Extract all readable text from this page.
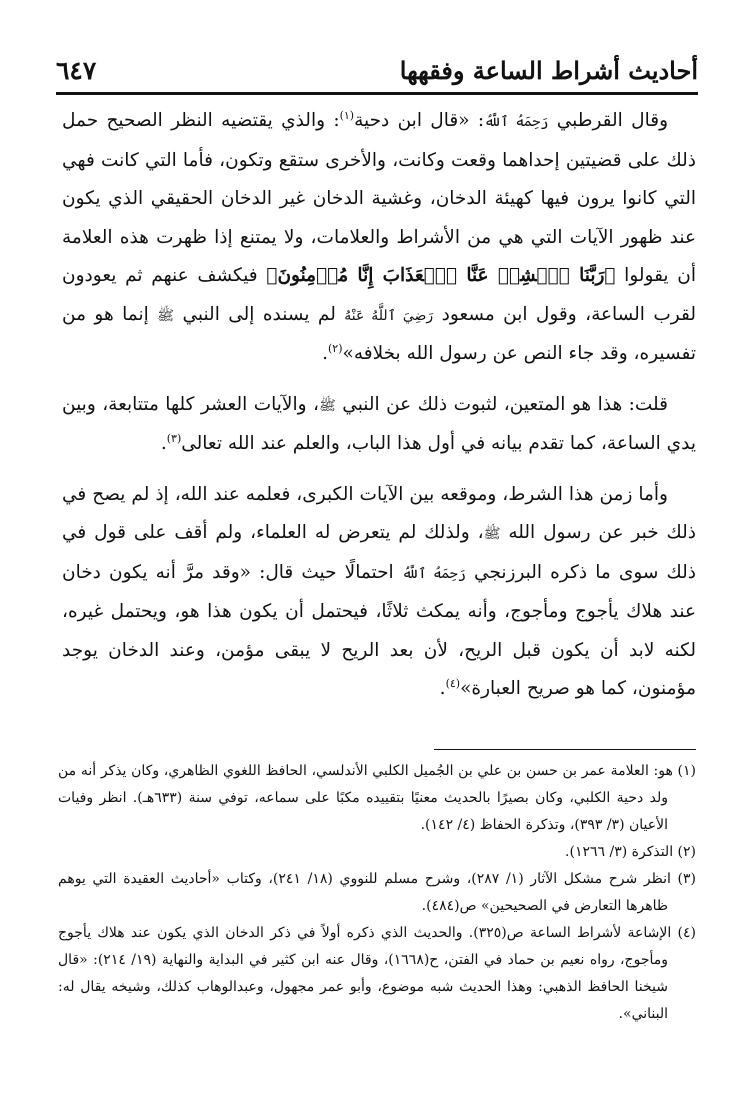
٦٤٧	أحاديث أشراط الساعة وفقهها

وقال القرطبي رَحِمَهُ ٱللَّهُ: «قال ابن دحية$^{(١)}$: والذي يقتضيه النظر الصحيح حمل ذلك على قضيتين إحداهما وقعت وكانت، والأخرى ستقع وتكون، فأما التي كانت فهي التي كانوا يرون فيها كهيئة الدخان، وغشية الدخان غير الدخان الحقيقي الذي يكون عند ظهور الآيات التي هي من الأشراط والعلامات، ولا يمتنع إذا ظهرت هذه العلامة أن يقولوا ﴿رَبَّنَا ٱكۡشِفۡ عَنَّا ٱلۡعَذَابَ إِنَّا مُؤۡمِنُونَ﴾ فيكشف عنهم ثم يعودون لقرب الساعة، وقول ابن مسعود رَضِيَ ٱللَّهُ عَنْهُ لم يسنده إلى النبي ﷺ إنما هو من تفسيره، وقد جاء النص عن رسول الله بخلافه»$^{(٢)}$.

قلت: هذا هو المتعين، لثبوت ذلك عن النبي ﷺ، والآيات العشر كلها متتابعة، وبين يدي الساعة، كما تقدم بيانه في أول هذا الباب، والعلم عند الله تعالى$^{(٣)}$.

وأما زمن هذا الشرط، وموقعه بين الآيات الكبرى، فعلمه عند الله، إذ لم يصح في ذلك خبر عن رسول الله ﷺ، ولذلك لم يتعرض له العلماء، ولم أقف على قول في ذلك سوى ما ذكره البرزنجي رَحِمَهُ ٱللَّهُ احتمالًا حيث قال: «وقد مرَّ أنه يكون دخان عند هلاك يأجوج ومأجوج، وأنه يمكث ثلاثًا، فيحتمل أن يكون هذا هو، ويحتمل غيره، لكنه لابد أن يكون قبل الريح، لأن بعد الريح لا يبقى مؤمن، وعند الدخان يوجد مؤمنون، كما هو صريح العبارة»$^{(٤)}$.

(١) هو: العلامة عمر بن حسن بن علي بن الجُميل الكلبي الأندلسي، الحافظ اللغوي الظاهري، وكان يذكر أنه من ولد دحية الكلبي، وكان بصيرًا بالحديث معنيًا بتقييده مكبًا على سماعه، توفي سنة (٦٣٣هـ). انظر وفيات الأعيان (٣/ ٣٩٣)، وتذكرة الحفاظ (٤/ ١٤٢).

(٢) التذكرة (٣/ ١٢٦٦).

(٣) انظر شرح مشكل الآثار (١/ ٢٨٧)، وشرح مسلم للنووي (١٨/ ٢٤١)، وكتاب «أحاديث العقيدة التي يوهم ظاهرها التعارض في الصحيحين» ص(٤٨٤).

(٤) الإشاعة لأشراط الساعة ص(٣٢٥). والحديث الذي ذكره أولاً في ذكر الدخان الذي يكون عند هلاك يأجوج ومأجوج، رواه نعيم بن حماد في الفتن، ح(١٦٦٨)، وقال عنه ابن كثير في البداية والنهاية (١٩/ ٢١٤): «قال شيخنا الحافظ الذهبي: وهذا الحديث شبه موضوع، وأبو عمر مجهول، وعبدالوهاب كذلك، وشيخه يقال له: البناني».
